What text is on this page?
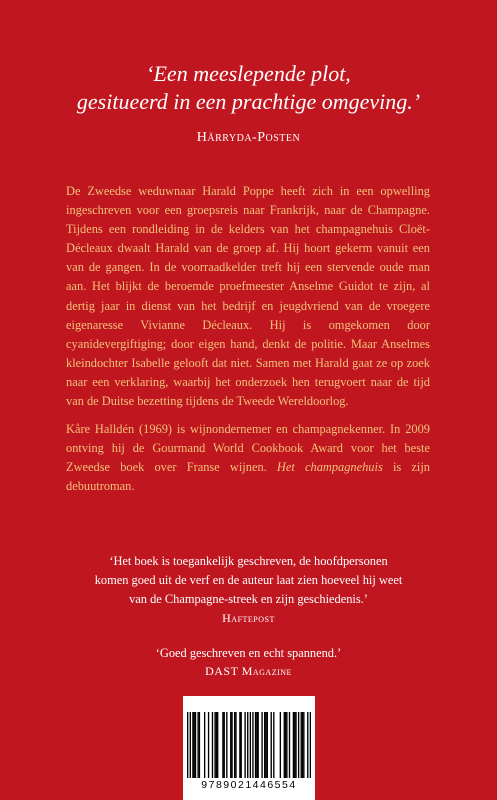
‘Een meeslepende plot,
gesitueerd in een prachtige omgeving.’
Härryda-Posten

De Zweedse weduwnaar Harald Poppe heeft zich in een opwelling ingeschreven voor een groepsreis naar Frankrijk, naar de Champagne. Tijdens een rondleiding in de kelders van het champagnehuis Cloët-Décleaux dwaalt Harald van de groep af. Hij hoort gekerm vanuit een van de gangen. In de voorraadkelder treft hij een stervende oude man aan. Het blijkt de beroemde proefmeester Anselme Guidot te zijn, al dertig jaar in dienst van het bedrijf en jeugdvriend van de vroegere eigenaresse Vivianne Décleaux. Hij is omgekomen door cyanidevergiftiging; door eigen hand, denkt de politie. Maar Anselmes kleindochter Isabelle gelooft dat niet. Samen met Harald gaat ze op zoek naar een verklaring, waarbij het onderzoek hen terugvoert naar de tijd van de Duitse bezetting tijdens de Tweede Wereldoorlog.

Kåre Halldén (1969) is wijnondernemer en champagnekenner. In 2009 ontving hij de Gourmand World Cookbook Award voor het beste Zweedse boek over Franse wijnen. Het champagnehuis is zijn debuutroman.

‘Het boek is toegankelijk geschreven, de hoofdpersonen
komen goed uit de verf en de auteur laat zien hoeveel hij weet
van de Champagne-streek en zijn geschiedenis.’
Haftepost
‘Goed geschreven en echt spannend.’
DAST Magazine
9789021446554
